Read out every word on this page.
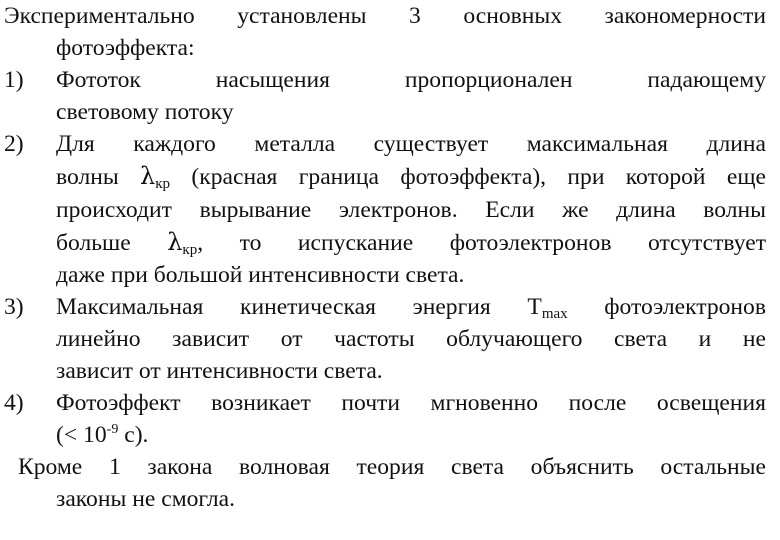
Экспериментально установлены 3 основных закономерности
фотоэффекта:
1)	Фототок насыщения пропорционален падающему
световому потоку
2)	Для каждого металла существует максимальная длина
волны $\lambda_{кр}$ (красная граница фотоэффекта), при которой еще
происходит вырывание электронов. Если же длина волны
больше $\lambda_{кр}$, то испускание фотоэлектронов отсутствует
даже при большой интенсивности света.
3)	Максимальная кинетическая энергия $T_{max}$ фотоэлектронов
линейно зависит от частоты облучающего света и не
зависит от интенсивности света.
4)	Фотоэффект возникает почти мгновенно после освещения
(< $10^{-9}$ с).
Кроме 1 закона волновая теория света объяснить остальные
законы не смогла.
